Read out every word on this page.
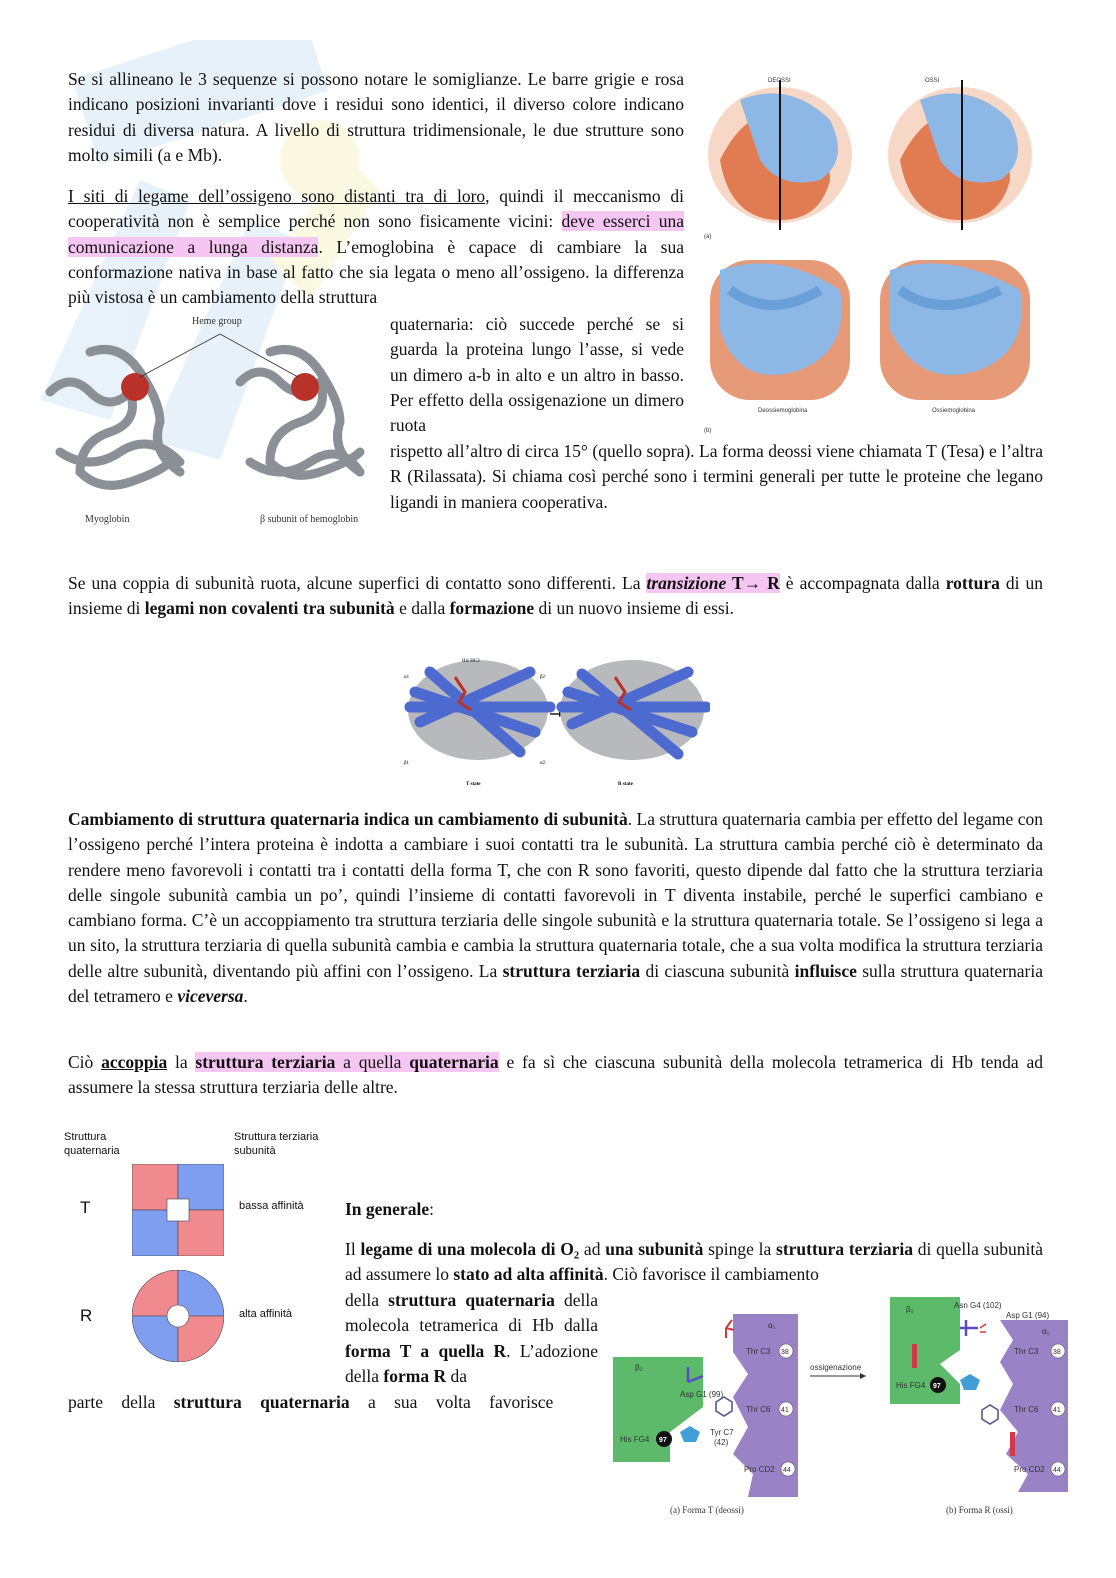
Se si allineano le 3 sequenze si possono notare le somiglianze. Le barre grigie e rosa indicano posizioni invarianti dove i residui sono identici, il diverso colore indicano residui di diversa natura. A livello di struttura tridimensionale, le due strutture sono molto simili (a e Mb).

I siti di legame dell’ossigeno sono distanti tra di loro, quindi il meccanismo di cooperatività non è semplice perché non sono fisicamente vicini: deve esserci una comunicazione a lunga distanza. L’emoglobina è capace di cambiare la sua conformazione nativa in base al fatto che sia legata o meno all’ossigeno. la differenza più vistosa è un cambiamento della struttura

quaternaria: ciò succede perché se si guarda la proteina lungo l’asse, si vede un dimero a-b in alto e un altro in basso. Per effetto della ossigenazione un dimero ruota

rispetto all’altro di circa 15° (quello sopra). La forma deossi viene chiamata T (Tesa) e l’altra R (Rilassata). Si chiama così perché sono i termini generali per tutte le proteine che legano ligandi in maniera cooperativa.

Heme group
Myoglobin	β subunit of hemoglobin
DEOSSI	OSSI
(a)
(b)
Deossiemoglobina	Ossiemoglobina

Se una coppia di subunità ruota, alcune superfici di contatto sono differenti. La transizione T→ R è accompagnata dalla rottura di un insieme di legami non covalenti tra subunità e dalla formazione di un nuovo insieme di essi.

His HC3
α1	β2
β1	α2
T state	R state

Cambiamento di struttura quaternaria indica un cambiamento di subunità. La struttura quaternaria cambia per effetto del legame con l’ossigeno perché l’intera proteina è indotta a cambiare i suoi contatti tra le subunità. La struttura cambia perché ciò è determinato da rendere meno favorevoli i contatti tra i contatti della forma T, che con R sono favoriti, questo dipende dal fatto che la struttura terziaria delle singole subunità cambia un po’, quindi l’insieme di contatti favorevoli in T diventa instabile, perché le superfici cambiano e cambiano forma. C’è un accoppiamento tra struttura terziaria delle singole subunità e la struttura quaternaria totale. Se l’ossigeno si lega a un sito, la struttura terziaria di quella subunità cambia e cambia la struttura quaternaria totale, che a sua volta modifica la struttura terziaria delle altre subunità, diventando più affini con l’ossigeno. La struttura terziaria di ciascuna subunità influisce sulla struttura quaternaria del tetramero e viceversa.

Ciò accoppia la struttura terziaria a quella quaternaria e fa sì che ciascuna subunità della molecola tetramerica di Hb tenda ad assumere la stessa struttura terziaria delle altre.

Struttura quaternaria
Struttura terziaria subunità
T
R
bassa affinità
alta affinità

In generale:

Il legame di una molecola di O₂ ad una subunità spinge la struttura terziaria di quella subunità ad assumere lo stato ad alta affinità. Ciò favorisce il cambiamento

della struttura quaternaria della molecola tetramerica di Hb dalla forma T a quella R. L’adozione della forma R da

parte della struttura quaternaria a sua volta favorisce

β₂
α₁
Thr C3 38
Thr C6 41
Pro CD2 44
Asp G1 (99)
Tyr C7
(42)
His FG4 97
ossigenazione
β₂
α₁
Asn G4 (102)
Asp G1 (94)
Thr C3 38
Thr C6 41
Pro CD2 44
His FG4 97
(a) Forma T (deossi)	(b) Forma R (ossi)
